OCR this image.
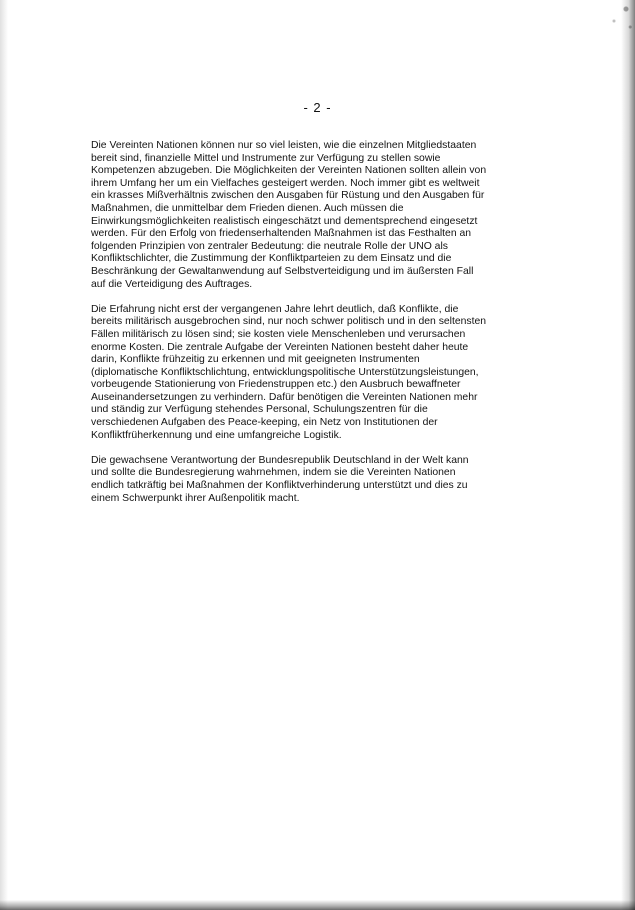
- 2 -

Die Vereinten Nationen können nur so viel leisten, wie die einzelnen Mitgliedstaaten
bereit sind, finanzielle Mittel und Instrumente zur Verfügung zu stellen sowie
Kompetenzen abzugeben. Die Möglichkeiten der Vereinten Nationen sollten allein von
ihrem Umfang her um ein Vielfaches gesteigert werden. Noch immer gibt es weltweit
ein krasses Mißverhältnis zwischen den Ausgaben für Rüstung und den Ausgaben für
Maßnahmen, die unmittelbar dem Frieden dienen. Auch müssen die
Einwirkungsmöglichkeiten realistisch eingeschätzt und dementsprechend eingesetzt
werden. Für den Erfolg von friedenserhaltenden Maßnahmen ist das Festhalten an
folgenden Prinzipien von zentraler Bedeutung: die neutrale Rolle der UNO als
Konfliktschlichter, die Zustimmung der Konfliktparteien zu dem Einsatz und die
Beschränkung der Gewaltanwendung auf Selbstverteidigung und im äußersten Fall
auf die Verteidigung des Auftrages.

Die Erfahrung nicht erst der vergangenen Jahre lehrt deutlich, daß Konflikte, die
bereits militärisch ausgebrochen sind, nur noch schwer politisch und in den seltensten
Fällen militärisch zu lösen sind; sie kosten viele Menschenleben und verursachen
enorme Kosten. Die zentrale Aufgabe der Vereinten Nationen besteht daher heute
darin, Konflikte frühzeitig zu erkennen und mit geeigneten Instrumenten
(diplomatische Konfliktschlichtung, entwicklungspolitische Unterstützungsleistungen,
vorbeugende Stationierung von Friedenstruppen etc.) den Ausbruch bewaffneter
Auseinandersetzungen zu verhindern. Dafür benötigen die Vereinten Nationen mehr
und ständig zur Verfügung stehendes Personal, Schulungszentren für die
verschiedenen Aufgaben des Peace-keeping, ein Netz von Institutionen der
Konfliktfrüherkennung und eine umfangreiche Logistik.

Die gewachsene Verantwortung der Bundesrepublik Deutschland in der Welt kann
und sollte die Bundesregierung wahrnehmen, indem sie die Vereinten Nationen
endlich tatkräftig bei Maßnahmen der Konfliktverhinderung unterstützt und dies zu
einem Schwerpunkt ihrer Außenpolitik macht.
